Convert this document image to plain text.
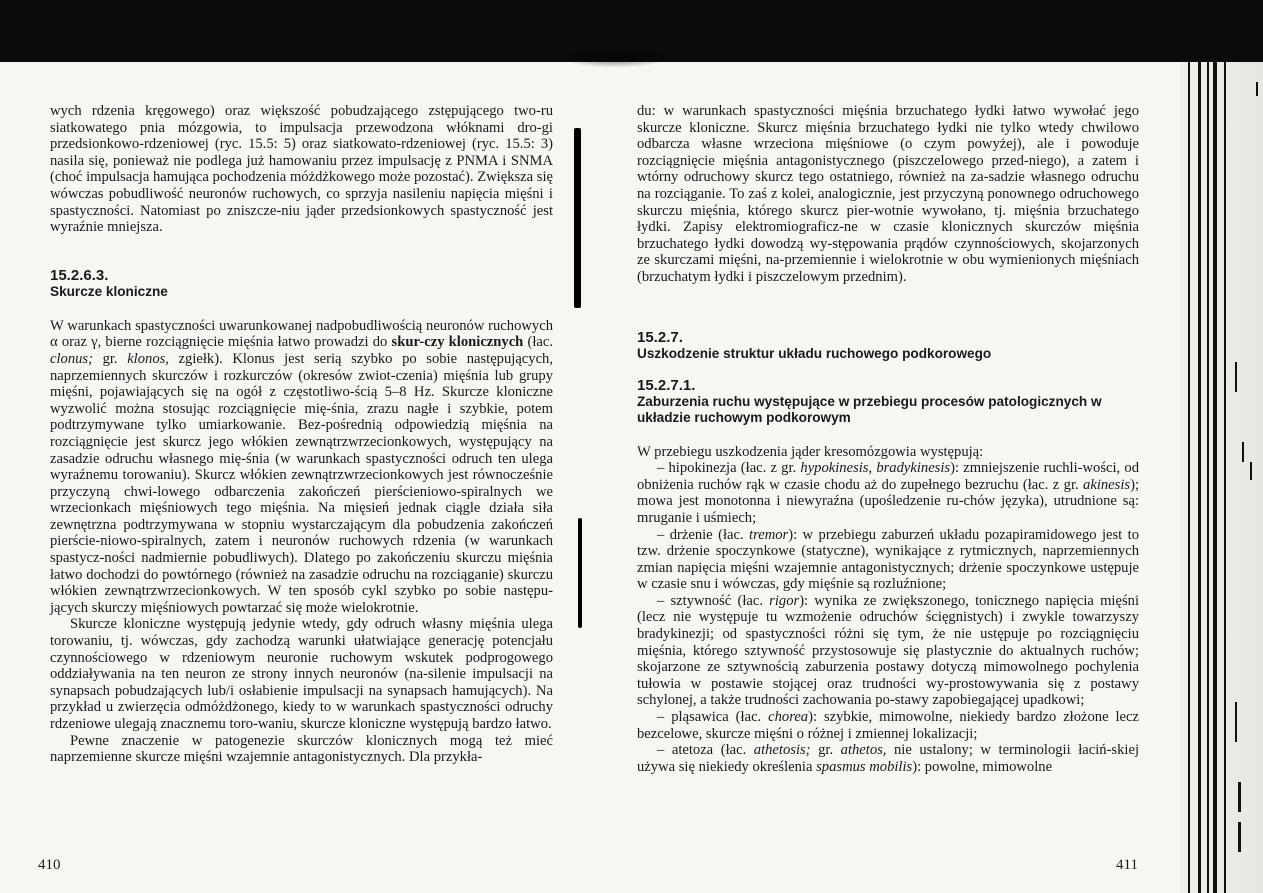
wych rdzenia kręgowego) oraz większość pobudzającego zstępującego two-ru siatkowatego pnia mózgowia, to impulsacja przewodzona włóknami dro-gi przedsionkowo-rdzeniowej (ryc. 15.5: 5) oraz siatkowato-rdzeniowej (ryc. 15.5: 3) nasila się, ponieważ nie podlega już hamowaniu przez impulsację z PNMA i SNMA (choć impulsacja hamująca pochodzenia móżdżkowego może pozostać). Zwiększa się wówczas pobudliwość neuronów ruchowych, co sprzyja nasileniu napięcia mięśni i spastyczności. Natomiast po zniszcze-niu jąder przedsionkowych spastyczność jest wyraźnie mniejsza.

15.2.6.3.
Skurcze kloniczne

W warunkach spastyczności uwarunkowanej nadpobudliwością neuronów ruchowych α oraz γ, bierne rozciągnięcie mięśnia łatwo prowadzi do skur-czy klonicznych (łac. clonus; gr. klonos, zgiełk). Klonus jest serią szybko po sobie następujących, naprzemiennych skurczów i rozkurczów (okresów zwiot-czenia) mięśnia lub grupy mięśni, pojawiających się na ogół z częstotliwo-ścią 5–8 Hz. Skurcze kloniczne wyzwolić można stosując rozciągnięcie mię-śnia, zrazu nagłe i szybkie, potem podtrzymywane tylko umiarkowanie. Bez-pośrednią odpowiedzią mięśnia na rozciągnięcie jest skurcz jego włókien zewnątrzwrzecionkowych, występujący na zasadzie odruchu własnego mię-śnia (w warunkach spastyczności odruch ten ulega wyraźnemu torowaniu). Skurcz włókien zewnątrzwrzecionkowych jest równocześnie przyczyną chwi-lowego odbarczenia zakończeń pierścieniowo-spiralnych we wrzecionkach mięśniowych tego mięśnia. Na mięsień jednak ciągle działa siła zewnętrzna podtrzymywana w stopniu wystarczającym dla pobudzenia zakończeń pierście-niowo-spiralnych, zatem i neuronów ruchowych rdzenia (w warunkach spastycz-ności nadmiernie pobudliwych). Dlatego po zakończeniu skurczu mięśnia łatwo dochodzi do powtórnego (również na zasadzie odruchu na rozciąganie) skurczu włókien zewnątrzwrzecionkowych. W ten sposób cykl szybko po sobie następu-jących skurczy mięśniowych powtarzać się może wielokrotnie.

Skurcze kloniczne występują jedynie wtedy, gdy odruch własny mięśnia ulega torowaniu, tj. wówczas, gdy zachodzą warunki ułatwiające generację potencjału czynnościowego w rdzeniowym neuronie ruchowym wskutek podprogowego oddziaływania na ten neuron ze strony innych neuronów (na-silenie impulsacji na synapsach pobudzających lub/i osłabienie impulsacji na synapsach hamujących). Na przykład u zwierzęcia odmóżdżonego, kiedy to w warunkach spastyczności odruchy rdzeniowe ulegają znacznemu toro-waniu, skurcze kloniczne występują bardzo łatwo.

Pewne znaczenie w patogenezie skurczów klonicznych mogą też mieć naprzemienne skurcze mięśni wzajemnie antagonistycznych. Dla przykła-

410

du: w warunkach spastyczności mięśnia brzuchatego łydki łatwo wywołać jego skurcze kloniczne. Skurcz mięśnia brzuchatego łydki nie tylko wtedy chwilowo odbarcza własne wrzeciona mięśniowe (o czym powyżej), ale i powoduje rozciągnięcie mięśnia antagonistycznego (piszczelowego przed-niego), a zatem i wtórny odruchowy skurcz tego ostatniego, również na za-sadzie własnego odruchu na rozciąganie. To zaś z kolei, analogicznie, jest przyczyną ponownego odruchowego skurczu mięśnia, którego skurcz pier-wotnie wywołano, tj. mięśnia brzuchatego łydki. Zapisy elektromiograficz-ne w czasie klonicznych skurczów mięśnia brzuchatego łydki dowodzą wy-stępowania prądów czynnościowych, skojarzonych ze skurczami mięśni, na-przemiennie i wielokrotnie w obu wymienionych mięśniach (brzuchatym łydki i piszczelowym przednim).

15.2.7.
Uszkodzenie struktur układu ruchowego podkorowego
15.2.7.1.
Zaburzenia ruchu występujące w przebiegu procesów patologicznych w układzie ruchowym podkorowym

W przebiegu uszkodzenia jąder kresomózgowia występują:

– hipokinezja (łac. z gr. hypokinesis, bradykinesis): zmniejszenie ruchli-wości, od obniżenia ruchów rąk w czasie chodu aż do zupełnego bezruchu (łac. z gr. akinesis); mowa jest monotonna i niewyraźna (upośledzenie ru-chów języka), utrudnione są: mruganie i uśmiech;

– drżenie (łac. tremor): w przebiegu zaburzeń układu pozapiramidowego jest to tzw. drżenie spoczynkowe (statyczne), wynikające z rytmicznych, naprzemiennych zmian napięcia mięśni wzajemnie antagonistycznych; drżenie spoczynkowe ustępuje w czasie snu i wówczas, gdy mięśnie są rozluźnione;

– sztywność (łac. rigor): wynika ze zwiększonego, tonicznego napięcia mięśni (lecz nie występuje tu wzmożenie odruchów ścięgnistych) i zwykle towarzyszy bradykinezji; od spastyczności różni się tym, że nie ustępuje po rozciągnięciu mięśnia, którego sztywność przystosowuje się plastycznie do aktualnych ruchów; skojarzone ze sztywnością zaburzenia postawy dotyczą mimowolnego pochylenia tułowia w postawie stojącej oraz trudności wy-prostowywania się z postawy schylonej, a także trudności zachowania po-stawy zapobiegającej upadkowi;

– pląsawica (łac. chorea): szybkie, mimowolne, niekiedy bardzo złożone lecz bezcelowe, skurcze mięśni o różnej i zmiennej lokalizacji;

– atetoza (łac. athetosis; gr. athetos, nie ustalony; w terminologii łaciń-skiej używa się niekiedy określenia spasmus mobilis): powolne, mimowolne

411
